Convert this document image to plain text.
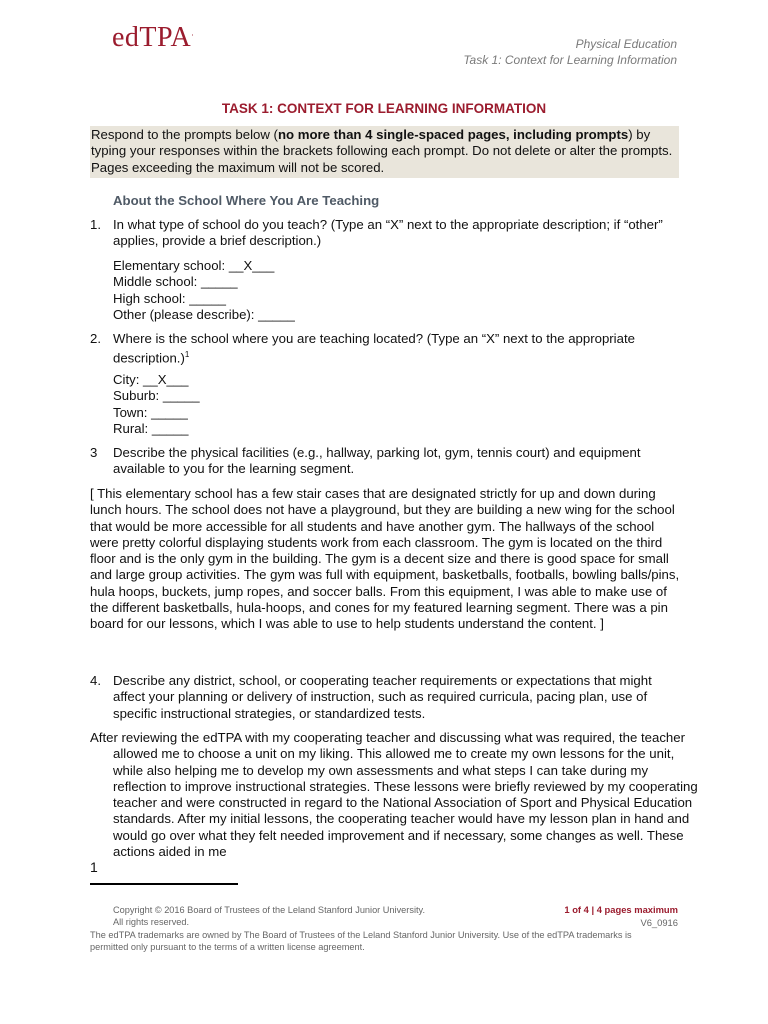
edTPA.
Physical Education
Task 1: Context for Learning Information
TASK 1: CONTEXT FOR LEARNING INFORMATION
Respond to the prompts below (no more than 4 single-spaced pages, including prompts) by typing your responses within the brackets following each prompt. Do not delete or alter the prompts. Pages exceeding the maximum will not be scored.
About the School Where You Are Teaching
1. In what type of school do you teach? (Type an “X” next to the appropriate description; if “other” applies, provide a brief description.)
Elementary school: __X___
Middle school: _____
High school: _____
Other (please describe): _____
2. Where is the school where you are teaching located? (Type an “X” next to the appropriate description.)$^1$
City: __X___
Suburb: _____
Town: _____
Rural: _____
3 Describe the physical facilities (e.g., hallway, parking lot, gym, tennis court) and equipment available to you for the learning segment.
[ This elementary school has a few stair cases that are designated strictly for up and down during lunch hours. The school does not have a playground, but they are building a new wing for the school that would be more accessible for all students and have another gym. The hallways of the school were pretty colorful displaying students work from each classroom. The gym is located on the third floor and is the only gym in the building. The gym is a decent size and there is good space for small and large group activities. The gym was full with equipment, basketballs, footballs, bowling balls/pins, hula hoops, buckets, jump ropes, and soccer balls. From this equipment, I was able to make use of the different basketballs, hula-hoops, and cones for my featured learning segment. There was a pin board for our lessons, which I was able to use to help students understand the content. ]
4. Describe any district, school, or cooperating teacher requirements or expectations that might affect your planning or delivery of instruction, such as required curricula, pacing plan, use of specific instructional strategies, or standardized tests.
After reviewing the edTPA with my cooperating teacher and discussing what was required, the teacher allowed me to choose a unit on my liking. This allowed me to create my own lessons for the unit, while also helping me to develop my own assessments and what steps I can take during my reflection to improve instructional strategies. These lessons were briefly reviewed by my cooperating teacher and were constructed in regard to the National Association of Sport and Physical Education standards. After my initial lessons, the cooperating teacher would have my lesson plan in hand and would go over what they felt needed improvement and if necessary, some changes as well. These actions aided in me
1
Copyright © 2016 Board of Trustees of the Leland Stanford Junior University.
All rights reserved.
The edTPA trademarks are owned by The Board of Trustees of the Leland Stanford Junior University. Use of the edTPA trademarks is permitted only pursuant to the terms of a written license agreement.
1 of 4 | 4 pages maximum
V6_0916
